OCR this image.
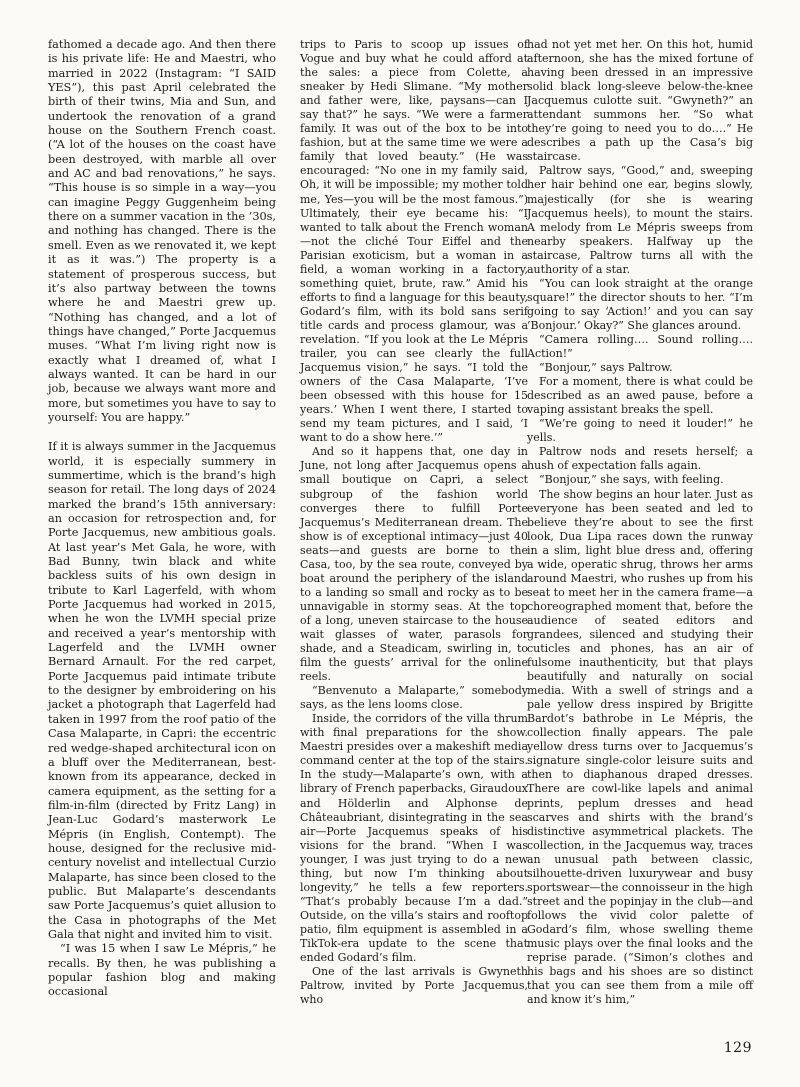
fathomed a decade ago. And then there is his private life: He and Maestri, who married in 2022 (Instagram: “I SAID YES”), this past April celebrated the birth of their twins, Mia and Sun, and undertook the renovation of a grand house on the Southern French coast. (“A lot of the houses on the coast have been destroyed, with marble all over and AC and bad renovations,” he says. “This house is so simple in a way—you can imagine Peggy Guggenheim being there on a summer vacation in the ’30s, and nothing has changed. There is the smell. Even as we renovated it, we kept it as it was.”) The property is a statement of prosperous success, but it’s also partway between the towns where he and Maestri grew up. “Nothing has changed, and a lot of things have changed,” Porte Jacquemus muses. “What I’m living right now is exactly what I dreamed of, what I always wanted. It can be hard in our job, because we always want more and more, but sometimes you have to say to yourself: You are happy.”

If it is always summer in the Jacquemus world, it is especially summery in summertime, which is the brand’s high season for retail. The long days of 2024 marked the brand’s 15th anniversary: an occasion for retrospection and, for Porte Jacquemus, new ambitious goals. At last year’s Met Gala, he wore, with Bad Bunny, twin black and white backless suits of his own design in tribute to Karl Lagerfeld, with whom Porte Jacquemus had worked in 2015, when he won the LVMH special prize and received a year’s mentorship with Lagerfeld and the LVMH owner Bernard Arnault. For the red carpet, Porte Jacquemus paid intimate tribute to the designer by embroidering on his jacket a photograph that Lagerfeld had taken in 1997 from the roof patio of the Casa Malaparte, in Capri: the eccentric red wedge-shaped architectural icon on a bluff over the Mediterranean, best-known from its appearance, decked in camera equipment, as the setting for a film-in-film (directed by Fritz Lang) in Jean-Luc Godard’s masterwork Le Mépris (in English, Contempt). The house, designed for the reclusive mid-century novelist and intellectual Curzio Malaparte, has since been closed to the public. But Malaparte’s descendants saw Porte Jacquemus’s quiet allusion to the Casa in photographs of the Met Gala that night and invited him to visit.

“I was 15 when I saw Le Mépris,” he recalls. By then, he was publishing a popular fashion blog and making occasional

trips to Paris to scoop up issues of Vogue and buy what he could afford at the sales: a piece from Colette, a sneaker by Hedi Slimane. “My mother and father were, like, paysans—can I say that?” he says. “We were a farmer family. It was out of the box to be into fashion, but at the same time we were a family that loved beauty.” (He was encouraged: “No one in my family said, Oh, it will be impossible; my mother told me, Yes—you will be the most famous.”) Ultimately, their eye became his: “I wanted to talk about the French woman—not the cliché Tour Eiffel and the Parisian exoticism, but a woman in a field, a woman working in a factory, something quiet, brute, raw.” Amid his efforts to find a language for this beauty, Godard’s film, with its bold sans serif title cards and process glamour, was a revelation. “If you look at the Le Mépris trailer, you can see clearly the full Jacquemus vision,” he says. “I told the owners of the Casa Malaparte, ‘I’ve been obsessed with this house for 15 years.’ When I went there, I started to send my team pictures, and I said, ‘I want to do a show here.’”

And so it happens that, one day in June, not long after Jacquemus opens a small boutique on Capri, a select subgroup of the fashion world converges there to fulfill Porte Jacquemus’s Mediterranean dream. The show is of exceptional intimacy—just 40 seats—and guests are borne to the Casa, too, by the sea route, conveyed by boat around the periphery of the island to a landing so small and rocky as to be unnavigable in stormy seas. At the top of a long, uneven staircase to the house wait glasses of water, parasols for shade, and a Steadicam, swirling in, to film the guests’ arrival for the online reels.

“Benvenuto a Malaparte,” somebody says, as the lens looms close.

Inside, the corridors of the villa thrum with final preparations for the show. Maestri presides over a makeshift media command center at the top of the stairs. In the study—Malaparte’s own, with a library of French paperbacks, Giraudoux and Hölderlin and Alphonse de Châteaubriant, disintegrating in the sea air—Porte Jacquemus speaks of his visions for the brand. “When I was younger, I was just trying to do a new thing, but now I’m thinking about longevity,” he tells a few reporters. “That’s probably because I’m a dad.” Outside, on the villa’s stairs and rooftop patio, film equipment is assembled in a TikTok-era update to the scene that ended Godard’s film.

One of the last arrivals is Gwyneth Paltrow, invited by Porte Jacquemus, who

had not yet met her. On this hot, humid afternoon, she has the mixed fortune of having been dressed in an impressive solid black long-sleeve below-the-knee Jacquemus culotte suit. “Gwyneth?” an attendant summons her. “So what they’re going to need you to do….” He describes a path up the Casa’s big staircase.

Paltrow says, “Good,” and, sweeping her hair behind one ear, begins slowly, majestically (for she is wearing Jacquemus heels), to mount the stairs. A melody from Le Mépris sweeps from nearby speakers. Halfway up the staircase, Paltrow turns all with the authority of a star.

“You can look straight at the orange square!” the director shouts to her. “I’m going to say ‘Action!’ and you can say ‘Bonjour.’ Okay?” She glances around.

“Camera rolling…. Sound rolling…. Action!”

“Bonjour,” says Paltrow.

For a moment, there is what could be described as an awed pause, before a vaping assistant breaks the spell.

“We’re going to need it louder!” he yells.

Paltrow nods and resets herself; a hush of expectation falls again.

“Bonjour,” she says, with feeling.

The show begins an hour later. Just as everyone has been seated and led to believe they’re about to see the first look, Dua Lipa races down the runway in a slim, light blue dress and, offering a wide, operatic shrug, throws her arms around Maestri, who rushes up from his seat to meet her in the camera frame—a choreographed moment that, before the audience of seated editors and grandees, silenced and studying their cuticles and phones, has an air of fulsome inauthenticity, but that plays beautifully and naturally on social media. With a swell of strings and a pale yellow dress inspired by Brigitte Bardot’s bathrobe in Le Mépris, the collection finally appears. The pale yellow dress turns over to Jacquemus’s signature single-color leisure suits and then to diaphanous draped dresses. There are cowl-like lapels and animal prints, peplum dresses and head scarves and shirts with the brand’s distinctive asymmetrical plackets. The collection, in the Jacquemus way, traces an unusual path between classic, silhouette-driven luxurywear and busy sportswear—the connoisseur in the high street and the popinjay in the club—and follows the vivid color palette of Godard’s film, whose swelling theme music plays over the final looks and the reprise parade. (“Simon’s clothes and his bags and his shoes are so distinct that you can see them from a mile off and know it’s him,”

129
